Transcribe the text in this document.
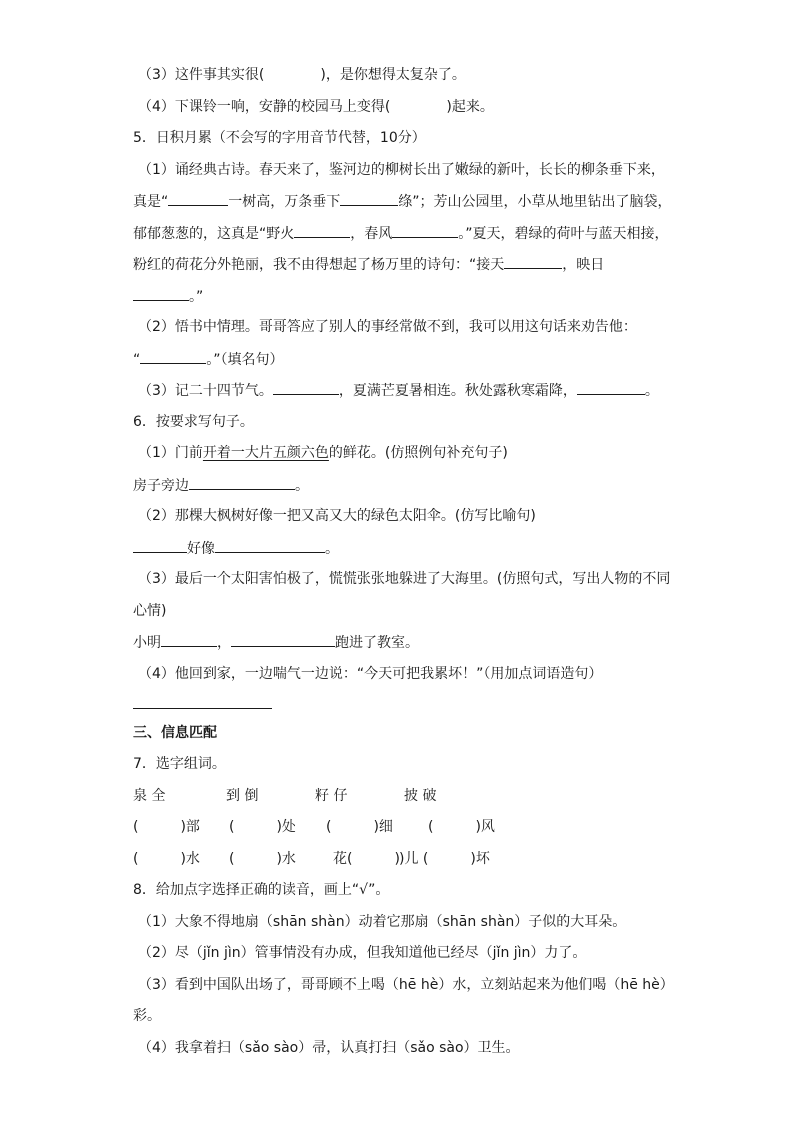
（3）这件事其实很(　　　　)，是你想得太复杂了。
（4）下课铃一响，安静的校园马上变得(　　　　)起来。
5．日积月累（不会写的字用音节代替，10分）
（1）诵经典古诗。春天来了，鉴河边的柳树长出了嫩绿的新叶，长长的柳条垂下来，
真是“	一树高，万条垂下	绦”；芳山公园里，小草从地里钻出了脑袋，
郁郁葱葱的，这真是“野火	，春风	。”夏天，碧绿的荷叶与蓝天相接，
粉红的荷花分外艳丽，我不由得想起了杨万里的诗句：“接天	，映日
。”
（2）悟书中情理。哥哥答应了别人的事经常做不到，我可以用这句话来劝告他：
“	。”（填名句）
（3）记二十四节气。	，夏满芒夏暑相连。秋处露秋寒霜降，	。
6．按要求写句子。
（1）门前开着一大片五颜六色的鲜花。(仿照例句补充句子)
房子旁边	。
（2）那棵大枫树好像一把又高又大的绿色太阳伞。(仿写比喻句)
好像	。
（3）最后一个太阳害怕极了，慌慌张张地躲进了大海里。(仿照句式，写出人物的不同
心情)
小明	，	跑进了教室。
（4）他回到家，一边喘气一边说：“今天可把我累坏！”（用加点词语造句）
三、信息匹配
7．选字组词。
泉 全	到 倒	籽 仔	披 破
(　　　)部 (　　　)处 (　　　)细	(　　　)风
(　　　)水 (　　　)水	花(　　　) )儿 (　　　)坏
8．给加点字选择正确的读音，画上“√”。
（1）大象不得地扇（shān shàn）动着它那扇（shān shàn）子似的大耳朵。
（2）尽（jǐn jìn）管事情没有办成，但我知道他已经尽（jǐn jìn）力了。
（3）看到中国队出场了，哥哥顾不上喝（hē hè）水，立刻站起来为他们喝（hē hè）
彩。
（4）我拿着扫（sǎo sào）帚，认真打扫（sǎo sào）卫生。
